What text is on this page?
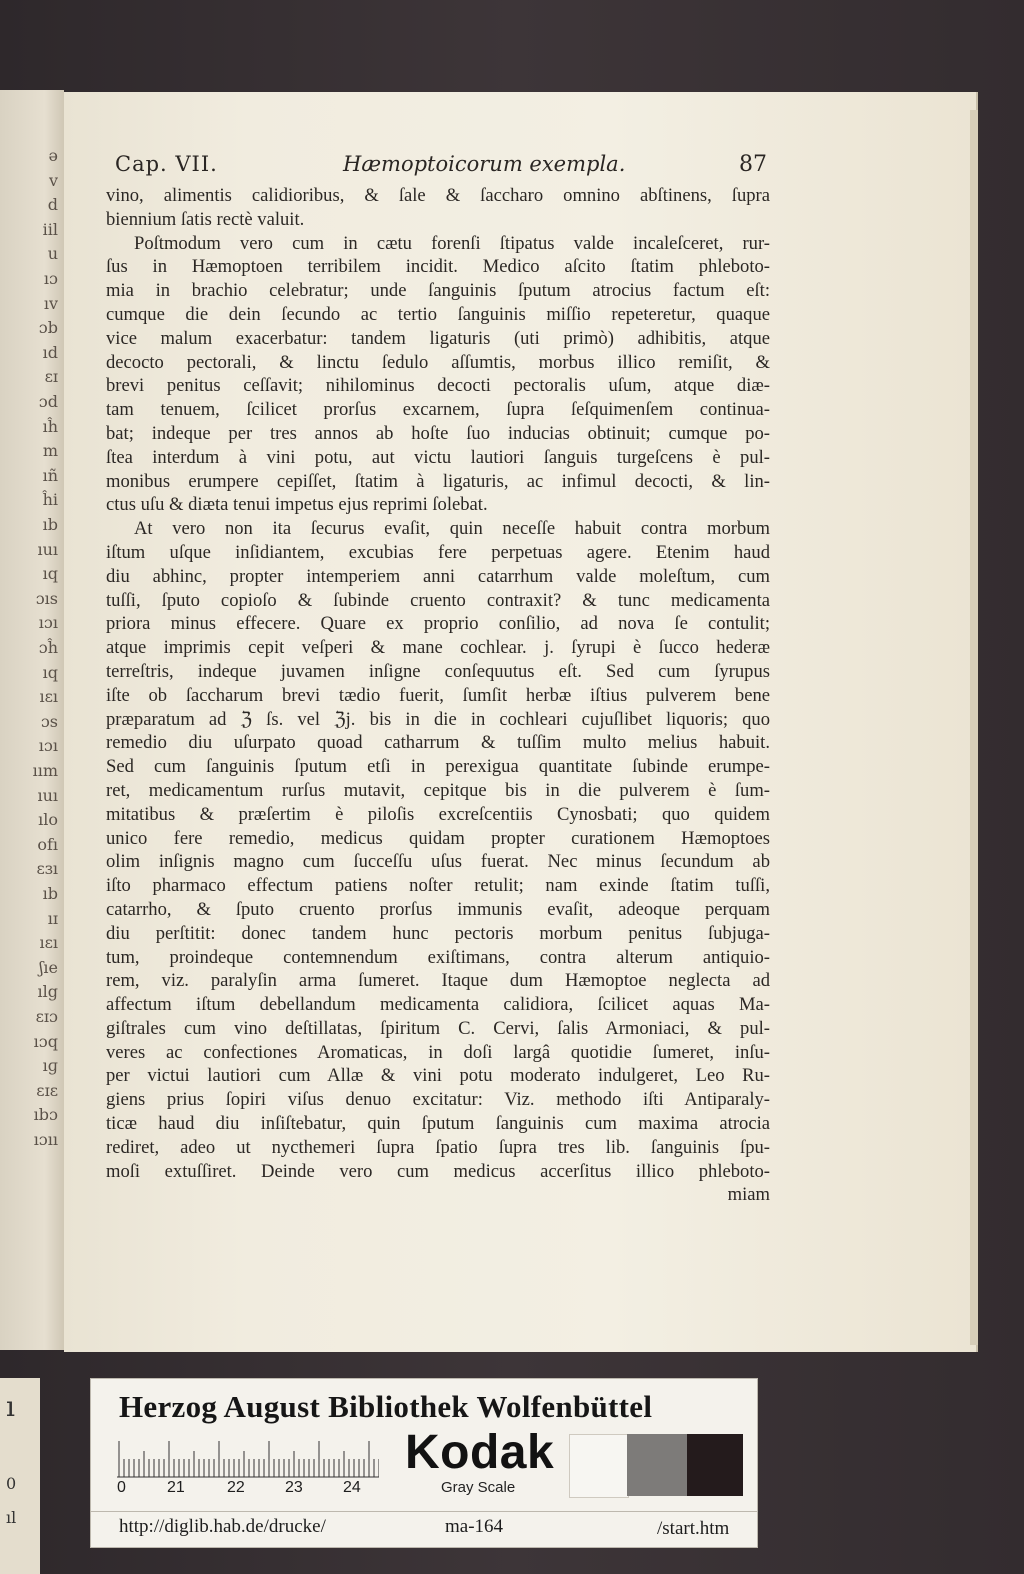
ə
v
d
iil
u
ıɔ
ıv
ɔb
ıd
ɛɪ
ɔd
ıĥ
m
ıñ
ĥi
ıb
ıuı
ıq
ɔıs
ıɔı
ɔĥ
ıq
ıɛı
ɔs
ıɔı
ıım
ıuı
ılo
ofı
ɛɜı
ıb
ıɪ
ıɛı
ʃıe
ılg
ɛɪɔ
ıɔq
ıɡ
ɛɪɛ
ıbɔ
ıɔıı
ı
0
ıl
Cap. VII.	Hæmoptoicorum exempla.	87
vino, alimentis calidioribus, & ſale & ſaccharo omnino abſtinens, ſupra
biennium ſatis rectè valuit.
Poſtmodum vero cum in cætu forenſi ſtipatus valde incaleſceret, rur-
ſus in Hæmoptoen terribilem incidit. Medico aſcito ſtatim phleboto-
mia in brachio celebratur; unde ſanguinis ſputum atrocius factum eſt:
cumque die dein ſecundo ac tertio ſanguinis miſſio repeteretur, quaque
vice malum exacerbatur: tandem ligaturis (uti primò) adhibitis, atque
decocto pectorali, & linctu ſedulo aſſumtis, morbus illico remiſit, &
brevi penitus ceſſavit; nihilominus decocti pectoralis uſum, atque diæ-
tam tenuem, ſcilicet prorſus excarnem, ſupra ſeſquimenſem continua-
bat; indeque per tres annos ab hoſte ſuo inducias obtinuit; cumque po-
ſtea interdum à vini potu, aut victu lautiori ſanguis turgeſcens è pul-
monibus erumpere cepiſſet, ſtatim à ligaturis, ac infimul decocti, & lin-
ctus uſu & diæta tenui impetus ejus reprimi ſolebat.
At vero non ita ſecurus evaſit, quin neceſſe habuit contra morbum
iſtum uſque inſidiantem, excubias fere perpetuas agere. Etenim haud
diu abhinc, propter intemperiem anni catarrhum valde moleſtum, cum
tuſſi, ſputo copioſo & ſubinde cruento contraxit? & tunc medicamenta
priora minus effecere. Quare ex proprio conſilio, ad nova ſe contulit;
atque imprimis cepit veſperi & mane cochlear. j. ſyrupi è ſucco hederæ
terreſtris, indeque juvamen inſigne conſequutus eſt. Sed cum ſyrupus
iſte ob ſaccharum brevi tædio fuerit, ſumſit herbæ iſtius pulverem bene
præparatum ad ℨ ſs. vel ℨj. bis in die in cochleari cujuſlibet liquoris; quo
remedio diu uſurpato quoad catharrum & tuſſim multo melius habuit.
Sed cum ſanguinis ſputum etſi in perexigua quantitate ſubinde erumpe-
ret, medicamentum rurſus mutavit, cepitque bis in die pulverem è ſum-
mitatibus & præſertim è piloſis excreſcentiis Cynosbati; quo quidem
unico fere remedio, medicus quidam propter curationem Hæmoptoes
olim inſignis magno cum ſucceſſu uſus fuerat. Nec minus ſecundum ab
iſto pharmaco effectum patiens noſter retulit; nam exinde ſtatim tuſſi,
catarrho, & ſputo cruento prorſus immunis evaſit, adeoque perquam
diu perſtitit: donec tandem hunc pectoris morbum penitus ſubjuga-
tum, proindeque contemnendum exiſtimans, contra alterum antiquio-
rem, viz. paralyſin arma ſumeret. Itaque dum Hæmoptoe neglecta ad
affectum iſtum debellandum medicamenta calidiora, ſcilicet aquas Ma-
giſtrales cum vino deſtillatas, ſpiritum C. Cervi, ſalis Armoniaci, & pul-
veres ac confectiones Aromaticas, in doſi largâ quotidie ſumeret, inſu-
per victui lautiori cum Allæ & vini potu moderato indulgeret, Leo Ru-
giens prius ſopiri viſus denuo excitatur: Viz. methodo iſti Antiparaly-
ticæ haud diu inſiſtebatur, quin ſputum ſanguinis cum maxima atrocia
rediret, adeo ut nycthemeri ſupra ſpatio ſupra tres lib. ſanguinis ſpu-
moſi extuſſiret. Deinde vero cum medicus accerſitus illico phleboto-
miam
Herzog August Bibliothek Wolfenbüttel
0	21	22	23	24
Kodak
Gray Scale
http://diglib.hab.de/drucke/	ma-164	/start.htm
